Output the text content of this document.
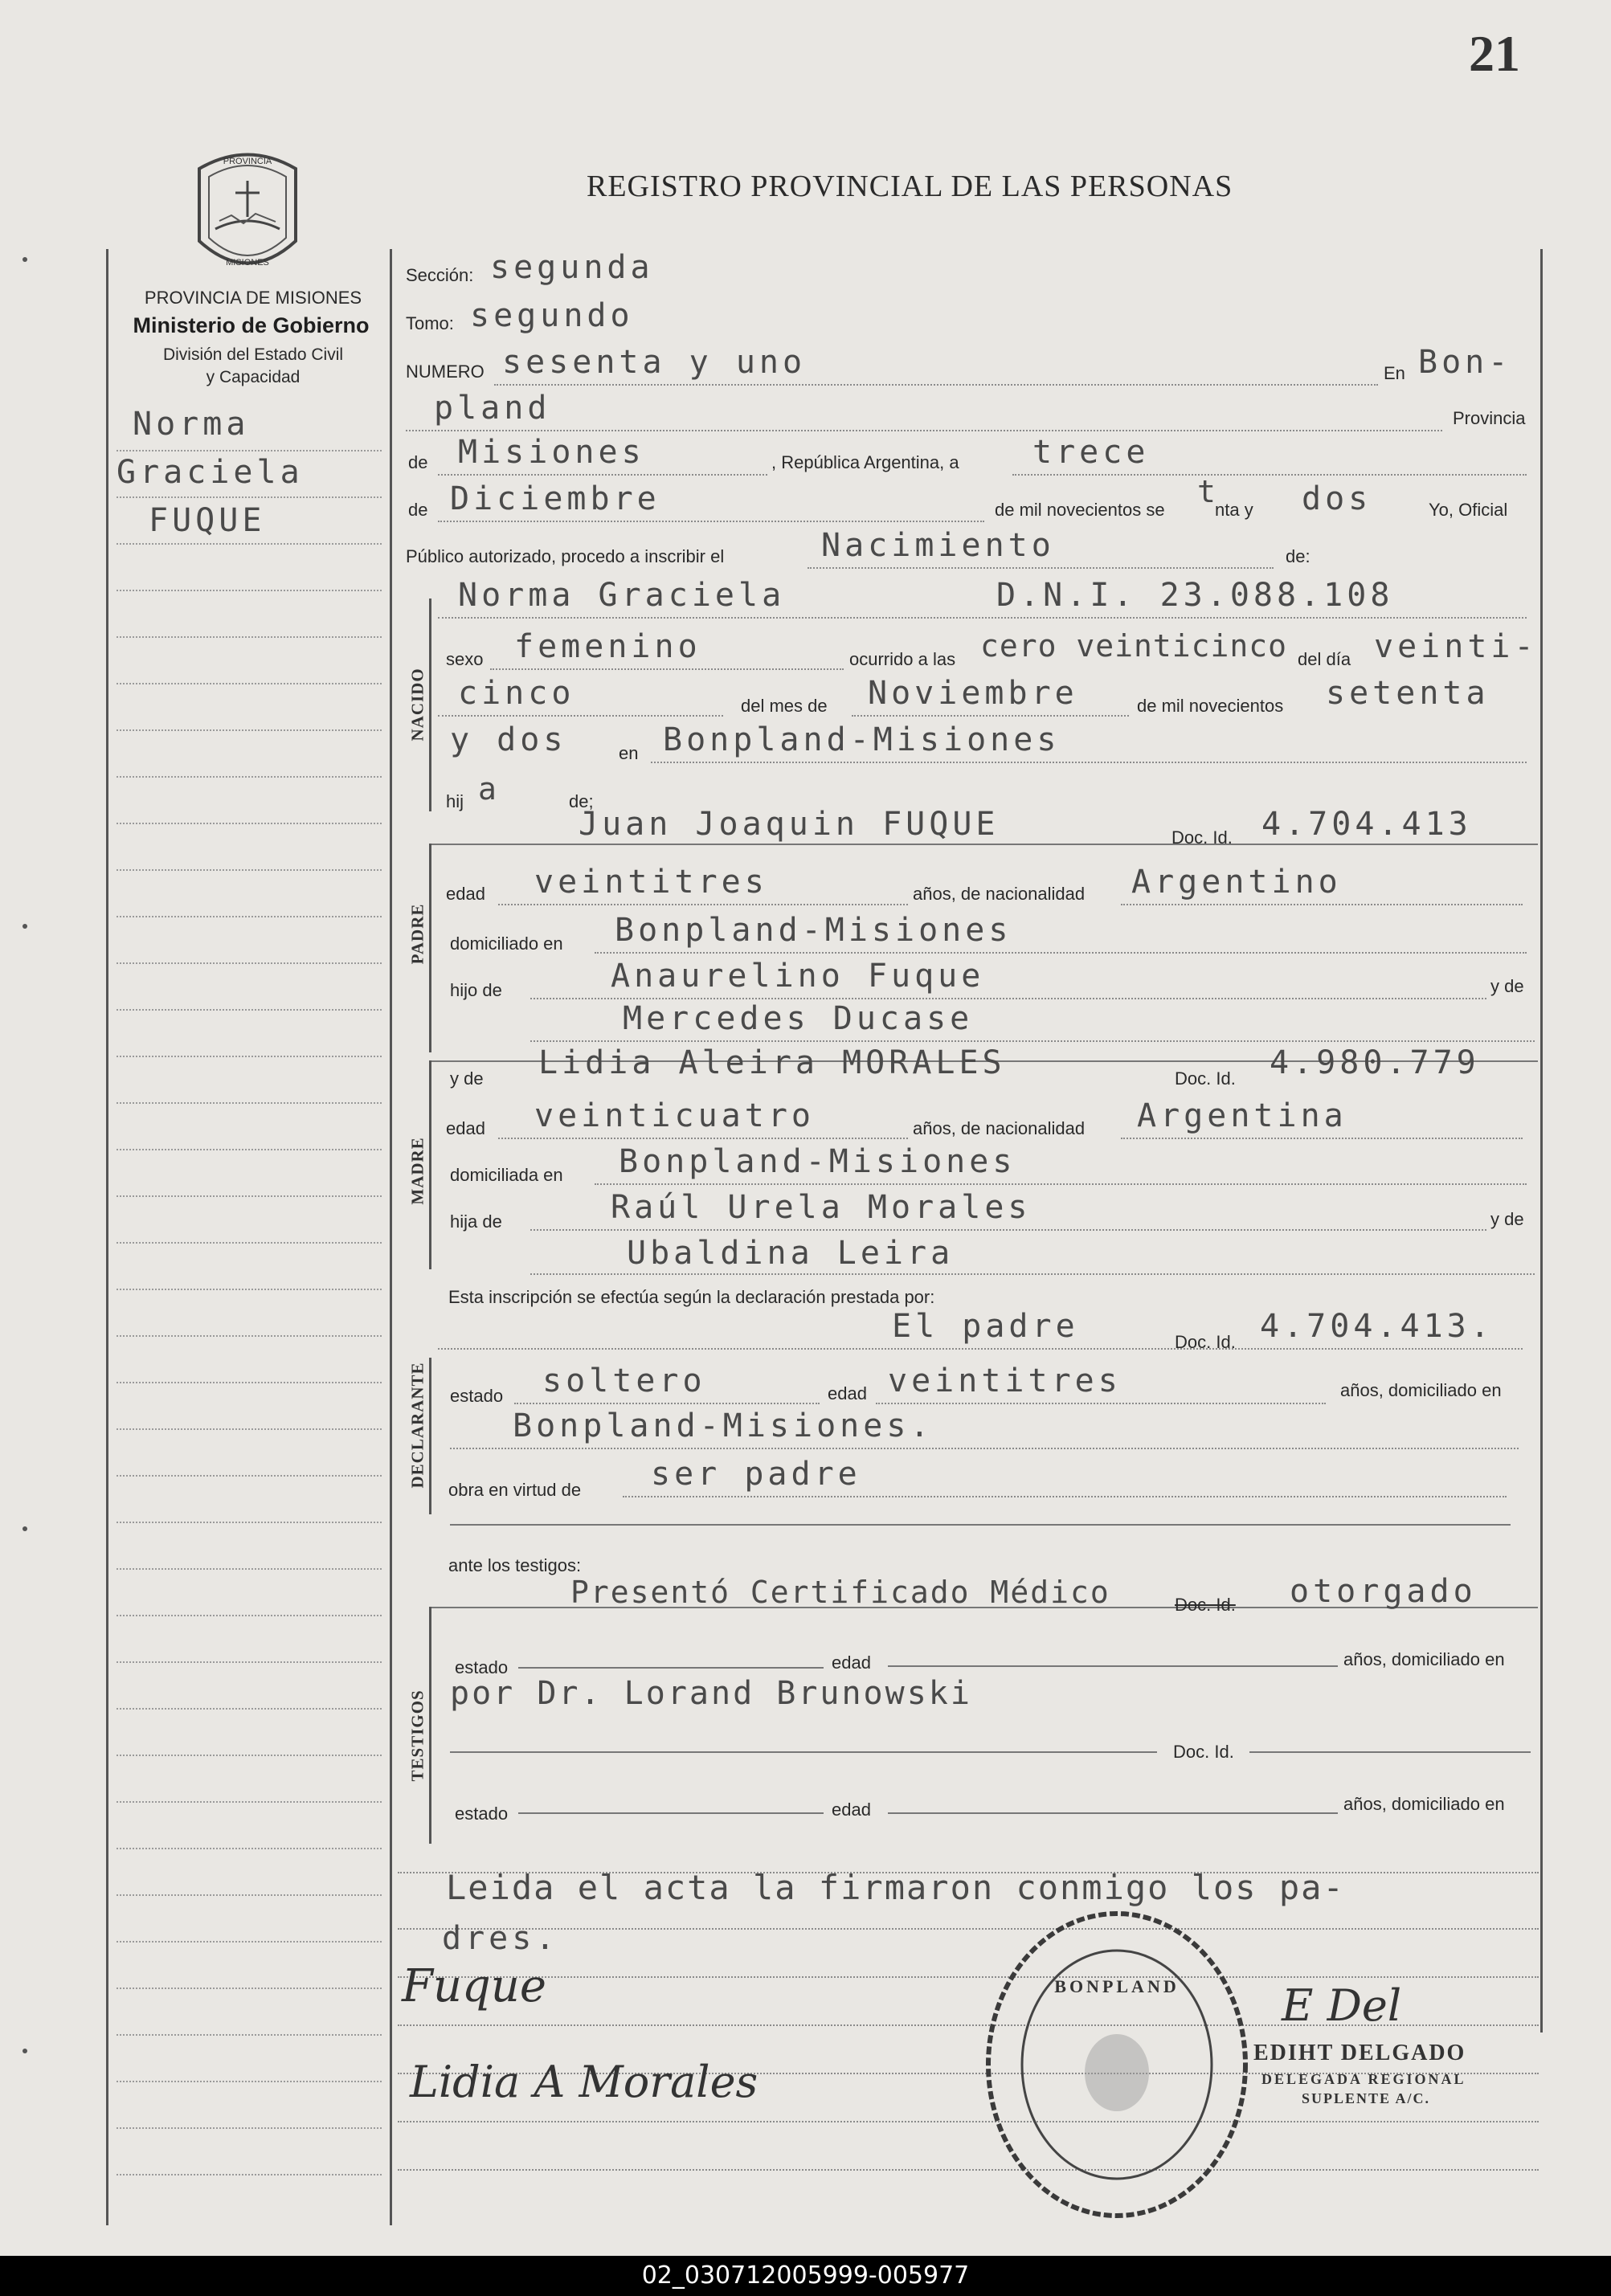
21
REGISTRO PROVINCIAL DE LAS PERSONAS
PROVINCIA
MISIONES
PROVINCIA DE MISIONES
Ministerio de Gobierno
División del Estado Civil
y Capacidad
Norma
Graciela
FUQUE
Sección: segunda
Tomo: segundo
NUMERO sesenta y uno	En Bon-
pland	Provincia
de Misiones	, República Argentina, a trece
de Diciembre	de mil novecientos se
t
nta y dos	Yo, Oficial
Público autorizado, procedo a inscribir el	Nacimiento	de:
NACIDO
Norma Graciela	D.N.I. 23.088.108
sexo femenino	ocurrido a las cero veinticinco del día veinti-
cinco	del mes de Noviembre	de mil novecientos setenta
y dos	en Bonpland-Misiones
hij a	de;
PADRE
Juan Joaquin FUQUE	Doc. Id. 4.704.413
edad veintitres	años, de nacionalidad Argentino
domiciliado en Bonpland-Misiones
hijo de	Anaurelino Fuque	y de
Mercedes Ducase
MADRE
y de Lidia Aleira MORALES	Doc. Id. 4.980.779
edad veinticuatro	años, de nacionalidad Argentina
domiciliada en Bonpland-Misiones
hija de	Raúl Urela Morales	y de
Ubaldina Leira
Esta inscripción se efectúa según la declaración prestada por:
DECLARANTE
El padre	Doc. Id. 4.704.413.
estado soltero	edad veintitres	años, domiciliado en
Bonpland-Misiones.
obra en virtud de ser padre
ante los testigos:
TESTIGOS
Presentó Certificado Médico	Doc. Id. otorgado
estado	edad	años, domiciliado en
por Dr. Lorand Brunowski
Doc. Id.
estado	edad	años, domiciliado en
Leida el acta la firmaron conmigo los pa-
dres.
Fuque
Lidia A Morales
E Del
EDIHT DELGADO
DELEGADA REGIONAL
SUPLENTE A/C.
BONPLAND
02_030712005999-005977
